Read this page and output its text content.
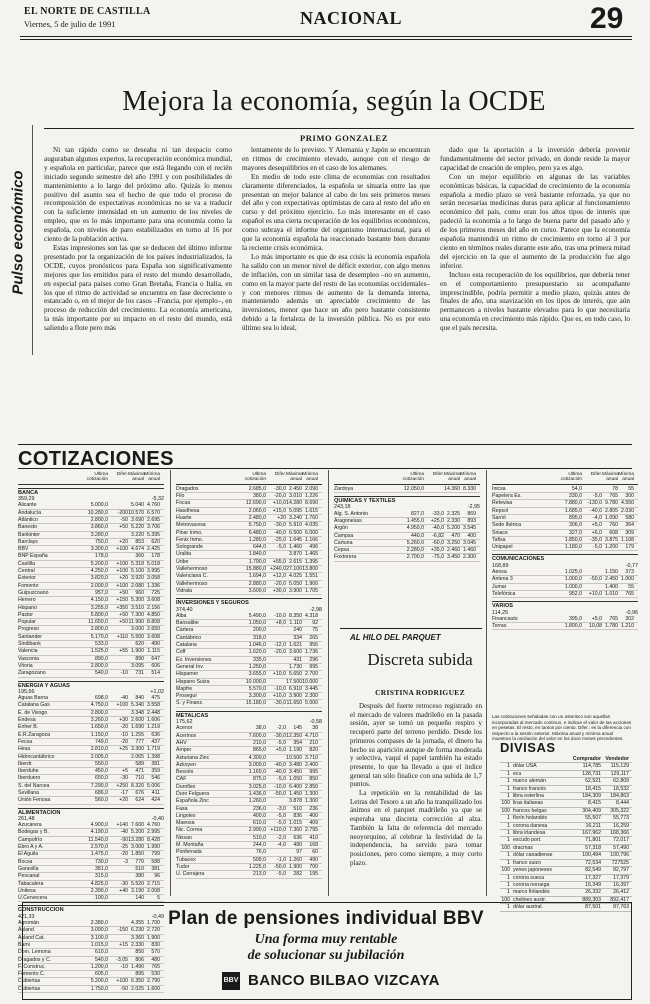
EL NORTE DE CASTILLA
Viernes, 5 de julio de 1991	NACIONAL	29
Pulso económico
Mejora la economía, según la OCDE
PRIMO GONZALEZ

Ni tan rápido como se deseaba ni tan despacio como auguraban algunos expertos, la recuperación económica mundial, y española en particular, parece que está llegando con el recién iniciado segundo semestre del año 1991 y con posibilidades de mantenimiento a lo largo del próximo año. Quizás lo menos positivo del asunto sea el hecho de que todo el proceso de recomposición de expectativas económicas no se va a traducir con la suficiente intensidad en un aumento de los niveles de empleo, que es lo más importante para una economía como la española, con niveles de paro estabilizados en torno al 16 por ciento de la población activa.

Estas impresiones son las que se deducen del último informe presentado por la organización de los países industrializados, la OCDE, cuyos pronósticos para España son significativamente mejores que los emitidos para el resto del mundo desarrollado, en especial para países como Gran Bretaña, Francia o Italia, en los que el ritmo de actividad se encuentra en fase decreciente o estancado o, en el mejor de los casos –Francia, por ejemplo–, en proceso de reducción del crecimiento. La economía americana, la más importante por su impacto en el resto del mundo, está saliendo a flote pero más

lentamente de lo previsto. Y Alemania y Japón se encuentran en ritmos de crecimiento elevado, aunque con el riesgo de mayores desequilibrios en el caso de los alemanes.

En medio de todo este clima de economías con resultados claramente diferenciados, la española se situaría entre las que presentan un mejor balance al cabo de los seis primeros meses del año y con expectativas optimistas de cara al resto del año en curso y del próximo ejercicio. Lo más interesante en el caso español es una cierta recuperación de los equilibrios económicos, como subraya el informe del organismo internacional, para el que la economía española ha reaccionado bastante bien durante la reciente crisis económica.

Lo más importante es que de esa crisis la economía española ha salido con un menor nivel de déficit exterior, con algo menos de inflación, con un similar tasa de desempleo –no en aumento, como en la mayor parte del resto de las economías occidentales– y con menores ritmos de aumento de la demanda interna, manteniendo además un apreciable crecimiento de las inversiones, menor que hace un año pero bastante consistente debido a la fortaleza de la inversión pública. No es por esto último sea lo ideal,

dado que la aportación a la inversión debería provenir fundamentalmente del sector privado, en donde reside la mayor capacidad de creación de empleo, pero ya es algo.

Con un mejor equilibrio en algunas de las variables económicas básicas, la capacidad de crecimiento de la economía española a medio plazo se verá bastante reforzada, ya que no serán necesarias medicinas duras para aplicar al funcionamiento económico del país, como eran los altos tipos de interés que padeció la economía a lo largo de buena parte del pasado año y de los primeros meses del año en curso. Parece que la economía española mantendrá un ritmo de crecimiento en torno al 3 por ciento en términos reales durante este año, tras una primera mitad del ejercicio en la que el aumento de la producción fue algo inferior.

Incluso esta recuperación de los equilibrios, que debería tener en el comportamiento presupuestario su acompañante imprescindible, podría permitir a medio plazo, quizás antes de finales de año, una suavización en los tipos de interés, que aún permanecen a niveles bastante elevados para lo que necesitaría una economía en crecimiento más rápido. Que es, en todo caso, lo que el país necesita.

COTIZACIONES
Ultima cotización
Difer. Máxima anual
Mínima anual
BANCA
359,29	-5,32
Alicante	5.000,0	5.040 4.760
Andalucía	10.280,0	-200 10.570 6.570
Atlántico	2.800,0	-50 3.690 2.695
Banesto	3.860,0	+50 5.220 3.706
Bankinter	3.280,0	3.220 5.395
Barclays	750,0	+20	853	620
BBV	3.300,0	+100 4.674 2.425
BNP España	178,0	360	178
Castilla	5.200,0	+100 5.318 5.018
Central	4.250,0	+100 5.100 3.995
Exterior	3.820,0	+20 3.920 3.058
Fomento	2.000,0	+100 2.080 1.336
Guipuzcoano	957,0	+50	960	725
Herrero	4.150,0	+150 5.300 3.608
Hispano	3.255,0	+350 3.510 2.156
Pastor	5.800,0	+50 7.300 4.850
Popular	11.650,0	+50 11.990 8.808
Progreso	2.800,0	3.000 2.650
Santander	5.170,0	+110 5.500 3.608
Sindibank	533,0	620	490
Valencia	1.525,0	+55 1.900 1.115
Vasconia	890,0	890	647
Vitoria	2.800,0	3.095	606
Zaragozano	540,0	-10	731	514
ENERGIA Y AGUAS
195,66	+1,02
Aguas Barna	698,0	-40	840	475
Catalana Gas	4.750,0	+100 5.340 3.558
E. de Viesgo	2.800,0	3.348 2.448
Endesa	3.260,0	+30 2.600 1.606
Enher B.	1.650,0	-20 1.690 1.219
E.R.Zaragoza	1.150,0	-10 1.255	636
Fecsa	749,0	-20	777	437
Hesa	2.810,0	+25 3.300 1.719
Hidrocantábrico	2.005,0	2.065 1.398
Iberdr.	550,0	589	381
Iberduhe	450,0	+5	471	359
Iberduero	650,0	-30	710	546
S. del Narcea	7.290,0	+250 8.320 5.006
Sevillana	686,0	-17	676	411
Unión Fenosa	560,0	+20	624	424
ALIMENTACION
261,48	-0,40
Azucarera	4.900,0	+140 7.600 4.760
Bodegas y B.	4.190,0	-40 5.200 2.995
Campofrío	11.540,0	-90 13.280 8.428
Ebro A y A.	2.570,0	-25 3.000 1.990
El Aguila	1.475,0	-20 1.850	799
Bocsa	730,0	-3	770	588
Garavilla	381,0	510	381
Pescanal	315,0	380	96
Tabacalera	4.825,0	-30 5.520 2.715
Unitesa	2.390,0	+40 3.190 2.008
U.Cervecera	100,0	140	5
CONSTRUCCION
421,33	-0,49
Agromán	2.380,0	4.355 1.700
Asland	3.090,0	-150 6.230 2.720
Asland Cat.	3.100,0	3.360 1.900
Bami	1.015,0	+15 2.330	830
Dom. Lemona	610,0	850	570
Dragados y C.	540,0	-3,05	806	480
F. Construc.	1.200,0	-10 1.490	765
Fomento C.	605,0	895	530
Cubiertas	5.200,0	+100 6.350 2.790
Cubiertas	1.750,0	-50 2.025 1.600
Ultima cotización
Difer. Máxima anual
Mínima anual
Dragados	2.685,0	-30,0 2.450 2.090
Filo	380,0	-20,0 3.010 1.226
Focsa	12.690,0	+10,0 14.280 8.690
Hasdhesa	2.060,0	+15,0 5.095 1.615
Huarte	2.480,0	+20 3.240 1.760
Metrovacesa	5.750,0	-30,0 5.910 4.035
Pinar Inmo.	6.480,0	-40,0 6.500 6.000
Fenix Inmo.	1.280,0	-25,0 1.645 1.166
Sotogrande	644,0	-5,0 1.460	496
Uralita	1.840,0	3.870 1.465
Uribe	1.790,0	+55,0 2.615 1.395
Vallehermoso	15.880,0 +240,0 27.100 13.800
Valenciana C.	1.694,0	+12,0 4.025 1.551
Vallehermoso	2.880,0	-20,0 5.050 1.900
Vidrala	3.600,0	+30,0 3.900 1.705
INVERSIONES Y SEGUROS
374,40	-2,98
Alba	5.490,0	-10,0 8.350 4.318
Bansalibe	1.050,0	+8,0 1.110	92
Cartera	200,0	240	75
Cantábrico	318,0	334	265
Catalana	1.046,0	-12,0 1.621	956
Coff	1.620,0	-20,0 3.600 1.736
Ex. Inversiones	335,0	431	296
General Inv.	1.250,0	1.730	995
Hispamer	3.655,0	+10,0 5.650 2.700
Hispano Suiza	10.000,0	17.500 10.000
Mapfre	5.570,0	-10,0 6.910 3.445
Prosegur	3.300,0	+10,0 3.900 2.300
S. y Finanz.	15.180,0	-30,0 11.650 5.000
METALICAS
175,62	-0,58
Acenor	38,0	-2,0	145	38
Acerinox	7.600,0	-30,0 12.350 4.710
AHV	210,0	-5,0	354	210
Amper	865,0	+5,0 1.190	820
Asturiana Zinc	4.300,0	10.500 3.710
Azkoyen	3.000,0	-40,0 3.480 2.400
Besoès	1.160,0	-40,0 3.450	995
CAF	875,0	-5,0 1.050	850
Duroflex	3.025,0	-10,0 6.400 2.850
Duro Felguera	1.436,0	-50,0 1.450 1.300
Española Zinc	1.260,0	3.878 1.300
Fasa	236,0	-3,0	510	236
Lingotes	400,0	-5,0	836	400
Maeosa	610,0	-5,0 1.015	409
Nic. Correa	2.990,0 +110,0 7.360 2.795
Nissan	510,0	-2,0	636	410
M. Montaña	244,0	-4,0	490	168
Ponferrada	76,0	97	60
Tubacex	599,0	-1,0 1.260	490
Tudor	1.225,0	-50,0 1.900	700
U. Cerrajera	213,0	-5,0	282	195
Ultima cotización
Difer. Máxima anual
Mínima anual
Zardoya	12.050,0	14.360 8.330
QUIMICAS Y TEXTILES
243,18	-2,95
Alg. S. Antonio	827,0	-33,0 2.325	869
Aragonesas	1.455,0	+25,0 2.330	893
Argón	4.950,0	-40,0 5.200 3.545
Campsa	440,0	-6,82	470	400
Cartuna	5.260,0	-60,0 3.250 3.045
Cepsa	2.280,0	+35,0 2.460 1.460
Foxtorera	2.700,0	-75,0 3.450 2.300
Ultima cotización
Difer. Máxima anual
Mínima anual
Inicsa	54,0	78	55
Papelera Es.	330,0	-5,0	765	300
Retevisa	7.880,0	-130,0 9.780 4.550
Repsol	1.685,0	-40,0 2.805 2.030
Sarrió	895,0	-4,0 1.090	580
Sede Ibérica	306,0	+5,0	760	364
Sniace	327,0	+6,0	608	309
Tafisa	1.850,0	-35,0 3.875 1.108
Unipapel	1.180,0	-5,0 1.200	179
COMUNICACIONES
168,89	-0,77
Aeosa	1.025,0	1.150	373
Antena 3	1.000,0	-50,0 2.450 1.000
Jumar	1.000,0	1.400	55
Telefónica	952,0	+10,0 1.010	765
VARIOS
114,25	-0,96
Financauto	395,0	+5,0	765	302
Torras	1.800,0	10,08 1.780 1.210
Las cotizaciones señaladas con un asterisco son aquellas incorporadas al mercado continuo, e indican el valor de las acciones en pesetas. El resto, en tantos por ciento. Difer.: es la diferencia con respecto a la sesión anterior. Máxima anual y mínima anual muestran la oscilación del valor en los doce meses precedentes.
AL HILO DEL PARQUET
Discreta subida
CRISTINA RODRIGUEZ

Después del fuerte retroceso registrado en el mercado de valores madrileño en la pasada sesión, ayer se tomó un pequeño respiro y recuperó parte del terreno perdido. Desde los primeros compases de la jornada, el dinero ha hecho su aparición aunque de forma moderada y selectiva, vaquí el papel también ha estado presente, lo que ha llevado a que el índice general tan sólo finalice con una subida de 1,7 puntos.

La repetición en la rentabilidad de las Letras del Tesoro a un año ha tranquilizado los ánimos en el parquet madrileño ya que se esperaba una discreta corrección al alza. También la falta de referencia del mercado neoyorquino, al celebrar la festividad de la independencia, ha servido para tomar posiciones, pero como siempre, a muy corto plazo.

DIVISAS
Comprador Vendedor
1 dólar USA	114,785	115,129
1 ecu	128,731	129,117
1 marco alemán	62,521	62,809
1 franco francés	18,415	18,532
1 libra esterlina	184,309	184,863
100 liras italianas	8,415	8,444
100 francos belgas	304,409	305,322
1 florín holandés	55,507	55,773
1 corona danesa	16,211	16,259
1 libra irlandesa	167,962	168,366
1 escudo port.	71,801	72,017
100 dracmas	57,318	57,490
1 dólar canadiense	100,494	100,796
1 franco suizo	72,534	727525
100 yenes japoneses	82,549	82,797
1 corona sueca	17,327	17,379
1 corona noruega	16,349	16,397
1 marco finlandés	26,332	26,412
100 chelines austr.	889,303	892,417
1 dólar austral.	87,501	87,763
Plan de pensiones individual BBV
Una forma muy rentable
de solucionar su jubilación
BBV BANCO BILBAO VIZCAYA
